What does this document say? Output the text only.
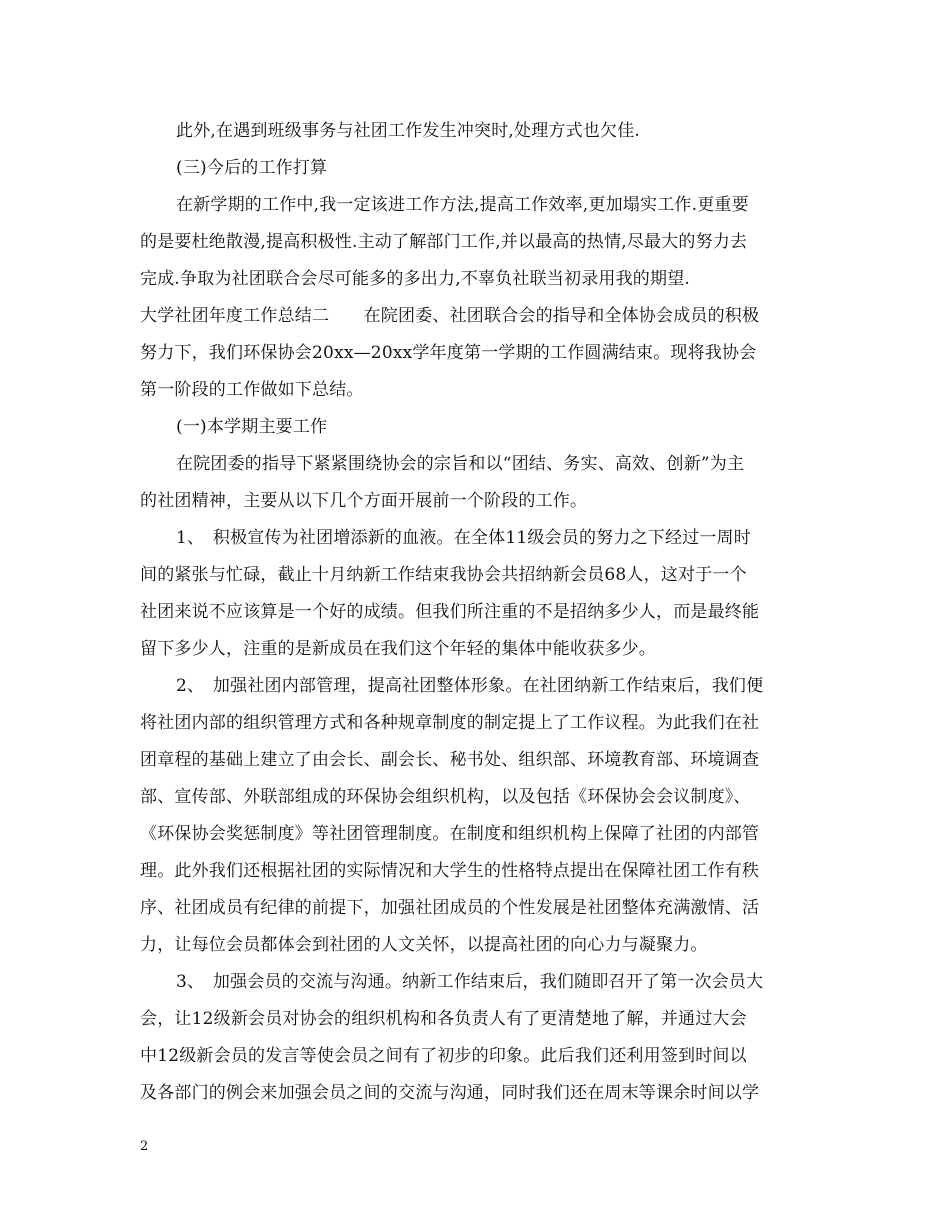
此外,在遇到班级事务与社团工作发生冲突时,处理方式也欠佳.
(三)今后的工作打算
在新学期的工作中,我一定该进工作方法,提高工作效率,更加塌实工作.更重要
的是要杜绝散漫,提高积极性.主动了解部门工作,并以最高的热情,尽最大的努力去
完成.争取为社团联合会尽可能多的多出力,不辜负社联当初录用我的期望.
大学社团年度工作总结二　　在院团委、社团联合会的指导和全体协会成员的积极
努力下，我们环保协会20xx—20xx学年度第一学期的工作圆满结束。现将我协会
第一阶段的工作做如下总结。
(一)本学期主要工作
在院团委的指导下紧紧围绕协会的宗旨和以“团结、务实、高效、创新”为主
的社团精神，主要从以下几个方面开展前一个阶段的工作。
1、　积极宣传为社团增添新的血液。在全体11级会员的努力之下经过一周时
间的紧张与忙碌，截止十月纳新工作结束我协会共招纳新会员68人，这对于一个
社团来说不应该算是一个好的成绩。但我们所注重的不是招纳多少人，而是最终能
留下多少人，注重的是新成员在我们这个年轻的集体中能收获多少。
2、　加强社团内部管理，提高社团整体形象。在社团纳新工作结束后，我们便
将社团内部的组织管理方式和各种规章制度的制定提上了工作议程。为此我们在社
团章程的基础上建立了由会长、副会长、秘书处、组织部、环境教育部、环境调查
部、宣传部、外联部组成的环保协会组织机构，以及包括《环保协会会议制度》、
《环保协会奖惩制度》等社团管理制度。在制度和组织机构上保障了社团的内部管
理。此外我们还根据社团的实际情况和大学生的性格特点提出在保障社团工作有秩
序、社团成员有纪律的前提下，加强社团成员的个性发展是社团整体充满激情、活
力，让每位会员都体会到社团的人文关怀，以提高社团的向心力与凝聚力。
3、　加强会员的交流与沟通。纳新工作结束后，我们随即召开了第一次会员大
会，让12级新会员对协会的组织机构和各负责人有了更清楚地了解，并通过大会
中12级新会员的发言等使会员之间有了初步的印象。此后我们还利用签到时间以
及各部门的例会来加强会员之间的交流与沟通，同时我们还在周末等课余时间以学
2
